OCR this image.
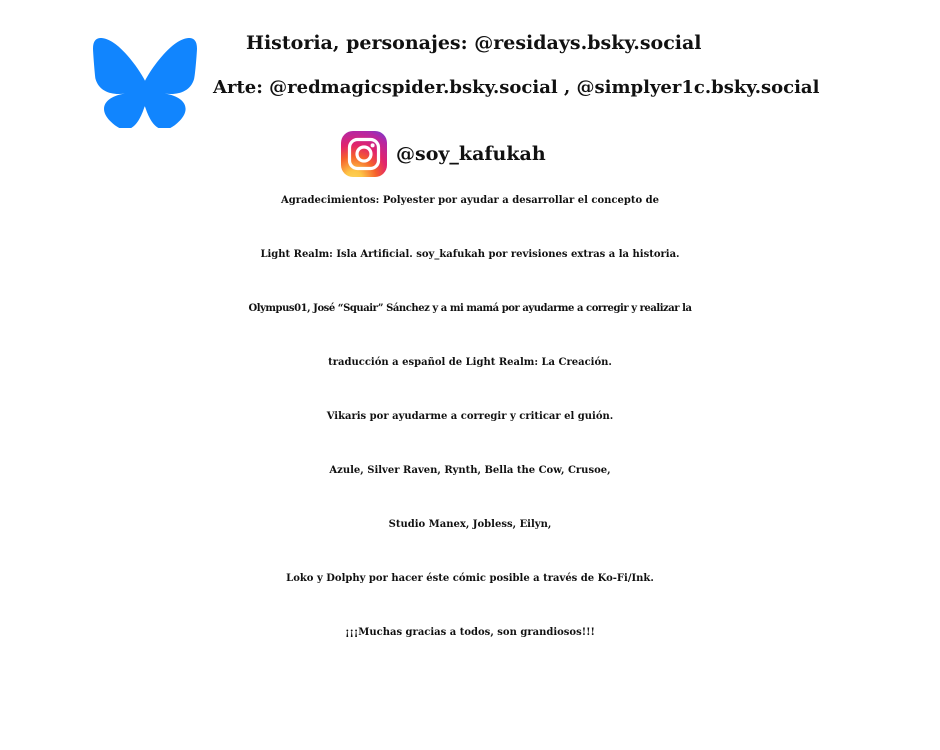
Historia, personajes: @residays.bsky.social
Arte: @redmagicspider.bsky.social , @simplyer1c.bsky.social
@soy_kafukah
Agradecimientos: Polyester por ayudar a desarrollar el concepto de
Light Realm: Isla Artificial. soy_kafukah por revisiones extras a la historia.
Olympus01, José “Squair” Sánchez y a mi mamá por ayudarme a corregir y realizar la
traducción a español de Light Realm: La Creación.
Vikaris por ayudarme a corregir y criticar el guión.
Azule, Silver Raven, Rynth, Bella the Cow, Crusoe,
Studio Manex, Jobless, Eilyn,
Loko y Dolphy por hacer éste cómic posible a través de Ko-Fi/Ink.
¡¡¡Muchas gracias a todos, son grandiosos!!!
